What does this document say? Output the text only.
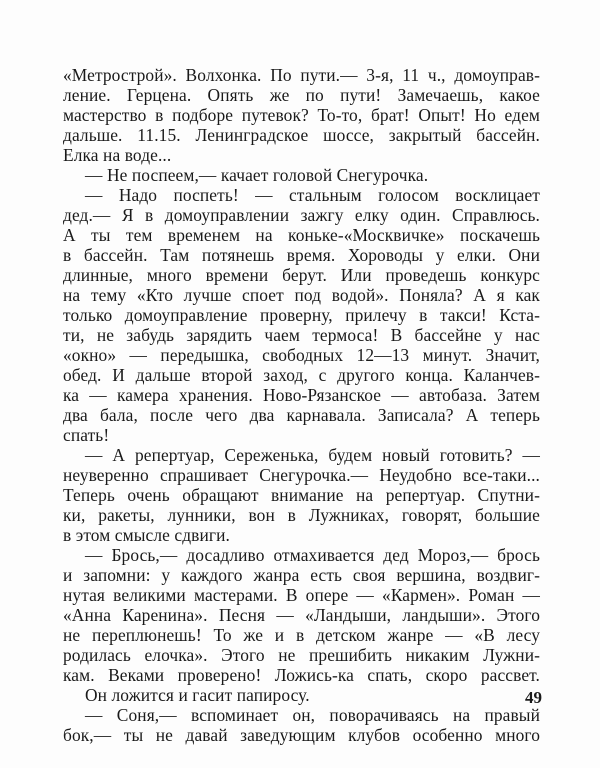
«Метрострой». Волхонка. По пути.— 3-я, 11 ч., домоуправ-
ление. Герцена. Опять же по пути! Замечаешь, какое
мастерство в подборе путевок? То-то, брат! Опыт! Но едем
дальше. 11.15. Ленинградское шоссе, закрытый бассейн.
Елка на воде...
— Не поспеем,— качает головой Снегурочка.
— Надо поспеть! — стальным голосом восклицает
дед.— Я в домоуправлении зажгу елку один. Справлюсь.
А ты тем временем на коньке-«Москвичке» поскачешь
в бассейн. Там потянешь время. Хороводы у елки. Они
длинные, много времени берут. Или проведешь конкурс
на тему «Кто лучше споет под водой». Поняла? А я как
только домоуправление проверну, прилечу в такси! Кста-
ти, не забудь зарядить чаем термоса! В бассейне у нас
«окно» — передышка, свободных 12—13 минут. Значит,
обед. И дальше второй заход, с другого конца. Каланчев-
ка — камера хранения. Ново-Рязанское — автобаза. Затем
два бала, после чего два карнавала. Записала? А теперь
спать!
— А репертуар, Сереженька, будем новый готовить? —
неуверенно спрашивает Снегурочка.— Неудобно все-таки...
Теперь очень обращают внимание на репертуар. Спутни-
ки, ракеты, лунники, вон в Лужниках, говорят, большие
в этом смысле сдвиги.
— Брось,— досадливо отмахивается дед Мороз,— брось
и запомни: у каждого жанра есть своя вершина, воздвиг-
нутая великими мастерами. В опере — «Кармен». Роман —
«Анна Каренина». Песня — «Ландыши, ландыши». Этого
не переплюнешь! То же и в детском жанре — «В лесу
родилась елочка». Этого не прешибить никаким Лужни-
кам. Веками проверено! Ложись-ка спать, скоро рассвет.
Он ложится и гасит папиросу.
— Соня,— вспоминает он, поворачиваясь на правый
бок,— ты не давай заведующим клубов особенно много
49
